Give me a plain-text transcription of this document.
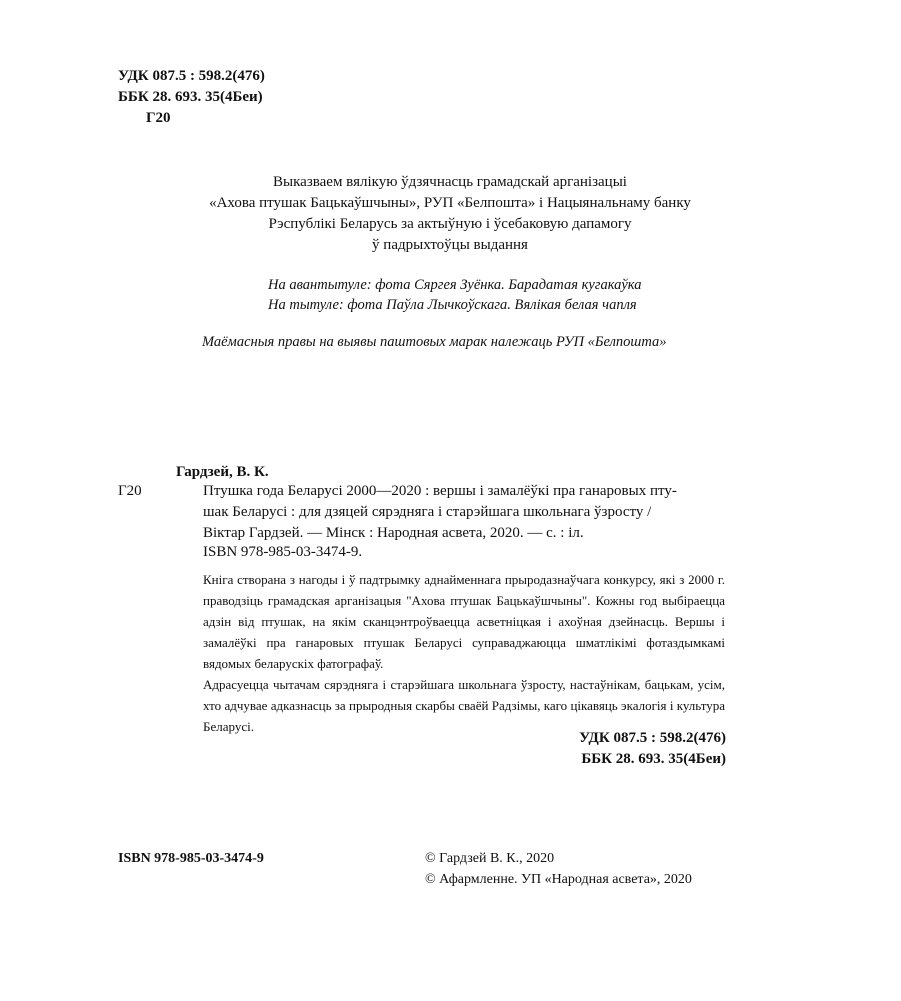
УДК 087.5 : 598.2(476)
ББК 28. 693. 35(4Беи)
Г20
Выказваем вялікую ўдзячнасць грамадскай арганізацыі
«Ахова птушак Бацькаўшчыны», РУП «Белпошта» і Нацыянальнаму банку
Рэспублікі Беларусь за актыўную і ўсебаковую дапамогу
ў падрыхтоўцы выдання
На авантытуле: фота Сяргея Зуёнка. Барадатая кугакаўка
На тытуле: фота Паўла Лычкоўскага. Вялікая белая чапля
Маёмасныя правы на выявы паштовых марак належаць РУП «Белпошта»
Гардзей, В. К.
Г20	Птушка года Беларусі 2000—2020 : вершы і замалёўкі пра ганаровых пту-
шак Беларусі : для дзяцей сярэдняга і старэйшага школьнага ўзросту /
Віктар Гардзей. — Мінск : Народная асвета, 2020. — с. : іл.
ISBN 978-985-03-3474-9.

Кніга створана з нагоды і ў падтрымку аднайменнага прыродазнаўчага конкурсу, які з 2000 г. праводзіць грамадская арганізацыя "Ахова птушак Бацькаўшчыны". Кожны год выбіраецца адзін від птушак, на якім сканцэнтроўваецца асветніцкая і ахоўная дзейнасць. Вершы і замалёўкі пра ганаровых птушак Беларусі суправаджаюцца шматлікімі фотаздымкамі вядомых беларускіх фатографаў.

Адрасуецца чытачам сярэдняга і старэйшага школьнага ўзросту, настаўнікам, бацькам, усім, хто адчувае адказнасць за прыродныя скарбы сваёй Радзімы, каго цікавяць экалогія і культура Беларусі.

УДК 087.5 : 598.2(476)
ББК 28. 693. 35(4Беи)
ISBN 978-985-03-3474-9	© Гардзей В. К., 2020
© Афармленне. УП «Народная асвета», 2020
